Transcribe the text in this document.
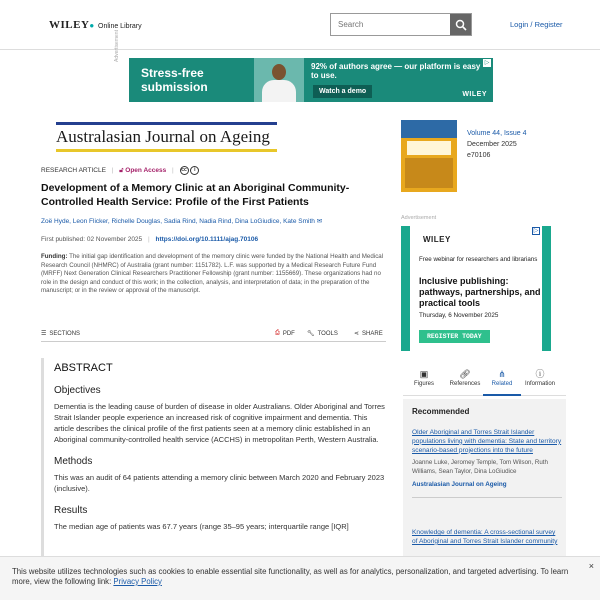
WILEY● Online Library
Search	Login / Register
Advertisement
Stress-free
submission
92% of authors agree — our platform is easy to use.
Watch a demo	WILEY
▷
Australasian Journal on Ageing
RESEARCH ARTICLE | 🔓︎ Open Access | cc i
Development of a Memory Clinic at an Aboriginal Community-Controlled Health Service: Profile of the First Patients
Zoë Hyde, Leon Flicker, Richelle Douglas, Sadia Rind, Nadia Rind, Dina LoGiudice, Kate Smith ✉
First published: 02 November 2025 | https://doi.org/10.1111/ajag.70106
Funding: The initial gap identification and development of the memory clinic were funded by the National Health and Medical Research Council (NHMRC) of Australia (grant number: 1151782). L.F. was supported by a Medical Research Future Fund (MRFF) Next Generation Clinical Researchers Practitioner Fellowship (grant number: 1155669). These organizations had no role in the design and conduct of this work; in the collection, analysis, and interpretation of data; in the preparation of the manuscript; or in the review or approval of the manuscript.
☰ SECTIONS	⎙ PDF 🔧︎ TOOLS	⋖ SHARE
ABSTRACT
Objectives
Dementia is the leading cause of burden of disease in older Australians. Older Aboriginal and Torres Strait Islander people experience an increased risk of cognitive impairment and dementia. This article describes the clinical profile of the first patients seen at a memory clinic established in an Aboriginal community-controlled health service (ACCHS) in metropolitan Perth, Western Australia.
Methods
This was an audit of 64 patients attending a memory clinic between March 2020 and February 2023 (inclusive).
Results
The median age of patients was 67.7 years (range 35–95 years; interquartile range [IQR]
Volume 44, Issue 4
December 2025
e70106
Advertisement
▷
WILEY
Free webinar for researchers and librarians
Inclusive publishing: pathways, partnerships, and practical tools
Thursday, 6 November 2025
REGISTER TODAY
▣
Figures
🔗︎
References
⋔
Related
ⓘ
Information
Recommended
Older Aboriginal and Torres Strait Islander populations living with dementia: State and territory scenario-based projections into the future
Joanne Luke, Jeromey Temple, Tom Wilson, Ruth Williams, Sean Taylor, Dina LoGiudice
Australasian Journal on Ageing
Knowledge of dementia: A cross-sectional survey of Aboriginal and Torres Strait Islander community
This website utilizes technologies such as cookies to enable essential site functionality, as well as for analytics, personalization, and targeted advertising. To learn more, view the following link: Privacy Policy
×
